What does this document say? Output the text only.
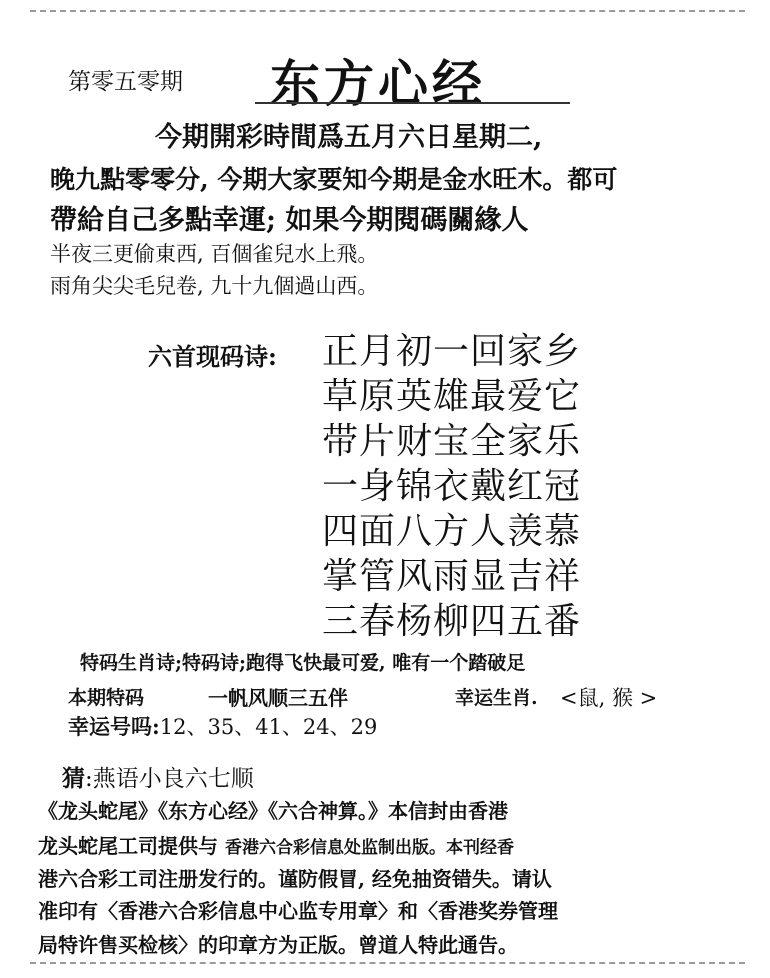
第零五零期 东方心经
今期開彩時間爲五月六日星期二,
晚九點零零分, 今期大家要知今期是金水旺木。都可
帶給自己多點幸運; 如果今期閱碼關緣人
半夜三更偷東西, 百個雀兒水上飛。
雨角尖尖毛兒卷, 九十九個過山西。
六首现码诗: 正月初一回家乡
草原英雄最爱它
带片财宝全家乐
一身锦衣戴红冠
四面八方人羡慕
掌管风雨显吉祥
三春杨柳四五番
特码生肖诗;特码诗;跑得飞快最可爱, 唯有一个踏破足
本期特码	一帆风顺三五伴	幸运生肖. <鼠, 猴 >
幸运号吗:12、35、41、24、29
猜:燕语小良六七顺
《龙头蛇尾》《东方心经》《六合神算。》本信封由香港
龙头蛇尾工司提供与 香港六合彩信息处监制出版。本刊经香
港六合彩工司注册发行的。谨防假冒, 经免抽资错失。请认
准印有〈香港六合彩信息中心监专用章〉和〈香港奖券管理
局特许售买检核〉的印章方为正版。曾道人特此通告。
